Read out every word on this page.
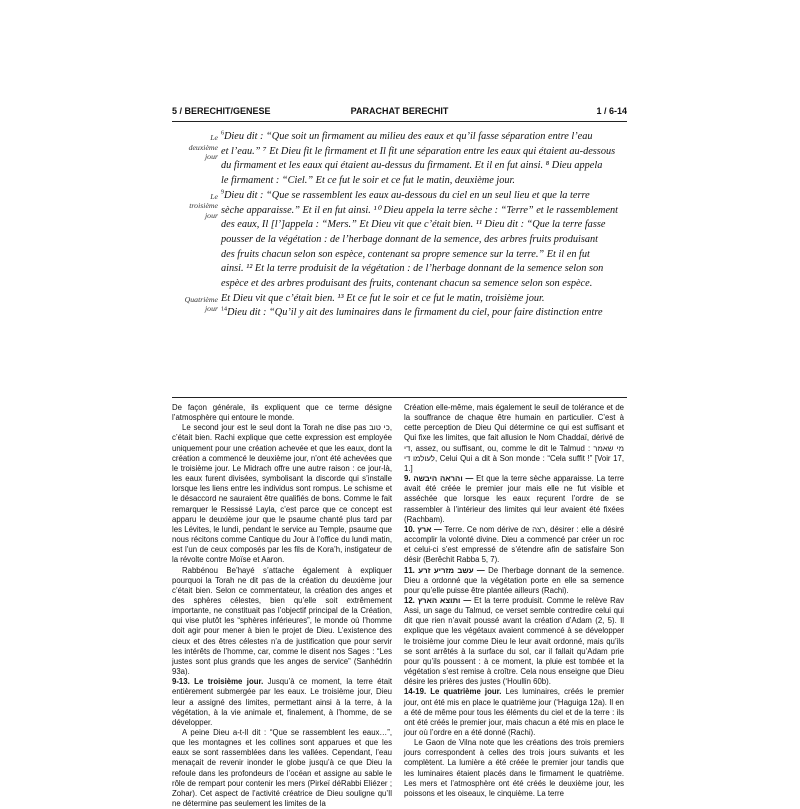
5 / BERECHIT/GENESE	PARACHAT BERECHIT	1 / 6-14
$^6$Dieu dit : “Que soit un firmament au milieu des eaux et qu’il fasse séparation entre l’eau
et l’eau.” ⁷ Et Dieu fit le firmament et Il fit une séparation entre les eaux qui étaient au-dessous
du firmament et les eaux qui étaient au-dessus du firmament. Et il en fut ainsi. ⁸ Dieu appela
le firmament : “Ciel.” Et ce fut le soir et ce fut le matin, deuxième jour.
$^9$Dieu dit : “Que se rassemblent les eaux au-dessous du ciel en un seul lieu et que la terre
sèche apparaisse.” Et il en fut ainsi. ¹⁰ Dieu appela la terre sèche : “Terre” et le rassemblement
des eaux, Il [l’]appela : “Mers.” Et Dieu vit que c’était bien. ¹¹ Dieu dit : “Que la terre fasse
pousser de la végétation : de l’herbage donnant de la semence, des arbres fruits produisant
des fruits chacun selon son espèce, contenant sa propre semence sur la terre.” Et il en fut
ainsi. ¹² Et la terre produisit de la végétation : de l’herbage donnant de la semence selon son
espèce et des arbres produisant des fruits, contenant chacun sa semence selon son espèce.
Et Dieu vit que c’était bien. ¹³ Et ce fut le soir et ce fut le matin, troisième jour.
$^{14}$Dieu dit : “Qu’il y ait des luminaires dans le firmament du ciel, pour faire distinction entre
Le
deuxième
jour
Le
troisième
jour
Quatrième
jour

De façon générale, ils expliquent que ce terme désigne l’atmosphère qui entoure le monde.

Le second jour est le seul dont la Torah ne dise pas כי טוב, c’était bien. Rachi explique que cette expression est employée uniquement pour une création achevée et que les eaux, dont la création a commencé le deuxième jour, n’ont été achevées que le troisième jour. Le Midrach offre une autre raison : ce jour-là, les eaux furent divisées, symbolisant la discorde qui s’installe lorsque les liens entre les individus sont rompus. Le schisme et le désaccord ne sauraient être qualifiés de bons. Comme le fait remarquer le Ressissé Layla, c’est parce que ce concept est apparu le deuxième jour que le psaume chanté plus tard par les Lévites, le lundi, pendant le service au Temple, psaume que nous récitons comme Cantique du Jour à l’office du lundi matin, est l’un de ceux composés par les fils de Kora’h, instigateur de la révolte contre Moïse et Aaron.

Rabbénou Be’hayé s’attache également à expliquer pourquoi la Torah ne dit pas de la création du deuxième jour c’était bien. Selon ce commentateur, la création des anges et des sphères célestes, bien qu’elle soit extrêmement importante, ne constituait pas l’objectif principal de la Création, qui vise plutôt les “sphères inférieures”, le monde où l’homme doit agir pour mener à bien le projet de Dieu. L’existence des cieux et des êtres célestes n’a de justification que pour servir les intérêts de l’homme, car, comme le disent nos Sages : “Les justes sont plus grands que les anges de service” (Sanhédrin 93a).

9-13. Le troisième jour. Jusqu’à ce moment, la terre était entièrement submergée par les eaux. Le troisième jour, Dieu leur a assigné des limites, permettant ainsi à la terre, à la végétation, à la vie animale et, finalement, à l’homme, de se développer.

A peine Dieu a-t-Il dit : “Que se rassemblent les eaux…”, que les montagnes et les collines sont apparues et que les eaux se sont rassemblées dans les vallées. Cependant, l’eau menaçait de revenir inonder le globe jusqu’à ce que Dieu la refoule dans les profondeurs de l’océan et assigne au sable le rôle de rempart pour contenir les mers (Pirkeï déRabbi Eliézer ; Zohar). Cet aspect de l’activité créatrice de Dieu souligne qu’Il ne détermine pas seulement les limites de la

Création elle-même, mais également le seuil de tolérance et de la souffrance de chaque être humain en particulier. C’est à cette perception de Dieu Qui détermine ce qui est suffisant et Qui fixe les limites, que fait allusion le Nom Chaddaï, dérivé de די, assez, ou suffisant, ou, comme le dit le Talmud : מי שאמר לעולמו די, Celui Qui a dit à Son monde : “Cela suffit !” [Voir 17, 1.]

9. והראה היבשה — Et que la terre sèche apparaisse. La terre avait été créée le premier jour mais elle ne fut visible et asséchée que lorsque les eaux reçurent l’ordre de se rassembler à l’intérieur des limites qui leur avaient été fixées (Rachbam).

10. ארץ — Terre. Ce nom dérive de רצה, désirer : elle a désiré accomplir la volonté divine. Dieu a commencé par créer un roc et celui-ci s’est empressé de s’étendre afin de satisfaire Son désir (Berêchit Rabba 5, 7).

11. עשב מזריע זרע — De l’herbage donnant de la semence. Dieu a ordonné que la végétation porte en elle sa semence pour qu’elle puisse être plantée ailleurs (Rachi).

12. ותוצא הארץ — Et la terre produisit. Comme le relève Rav Assi, un sage du Talmud, ce verset semble contredire celui qui dit que rien n’avait poussé avant la création d’Adam (2, 5). Il explique que les végétaux avaient commencé à se développer le troisième jour comme Dieu le leur avait ordonné, mais qu’ils se sont arrêtés à la surface du sol, car il fallait qu’Adam prie pour qu’ils poussent : à ce moment, la pluie est tombée et la végétation s’est remise à croître. Cela nous enseigne que Dieu désire les prières des justes (‘Houllin 60b).

14-19. Le quatrième jour. Les luminaires, créés le premier jour, ont été mis en place le quatrième jour (‘Haguiga 12a). Il en a été de même pour tous les éléments du ciel et de la terre : ils ont été créés le premier jour, mais chacun a été mis en place le jour où l’ordre en a été donné (Rachi).

Le Gaon de Vilna note que les créations des trois premiers jours correspondent à celles des trois jours suivants et les complètent. La lumière a été créée le premier jour tandis que les luminaires étaient placés dans le firmament le quatrième. Les mers et l’atmosphère ont été créés le deuxième jour, les poissons et les oiseaux, le cinquième. La terre
